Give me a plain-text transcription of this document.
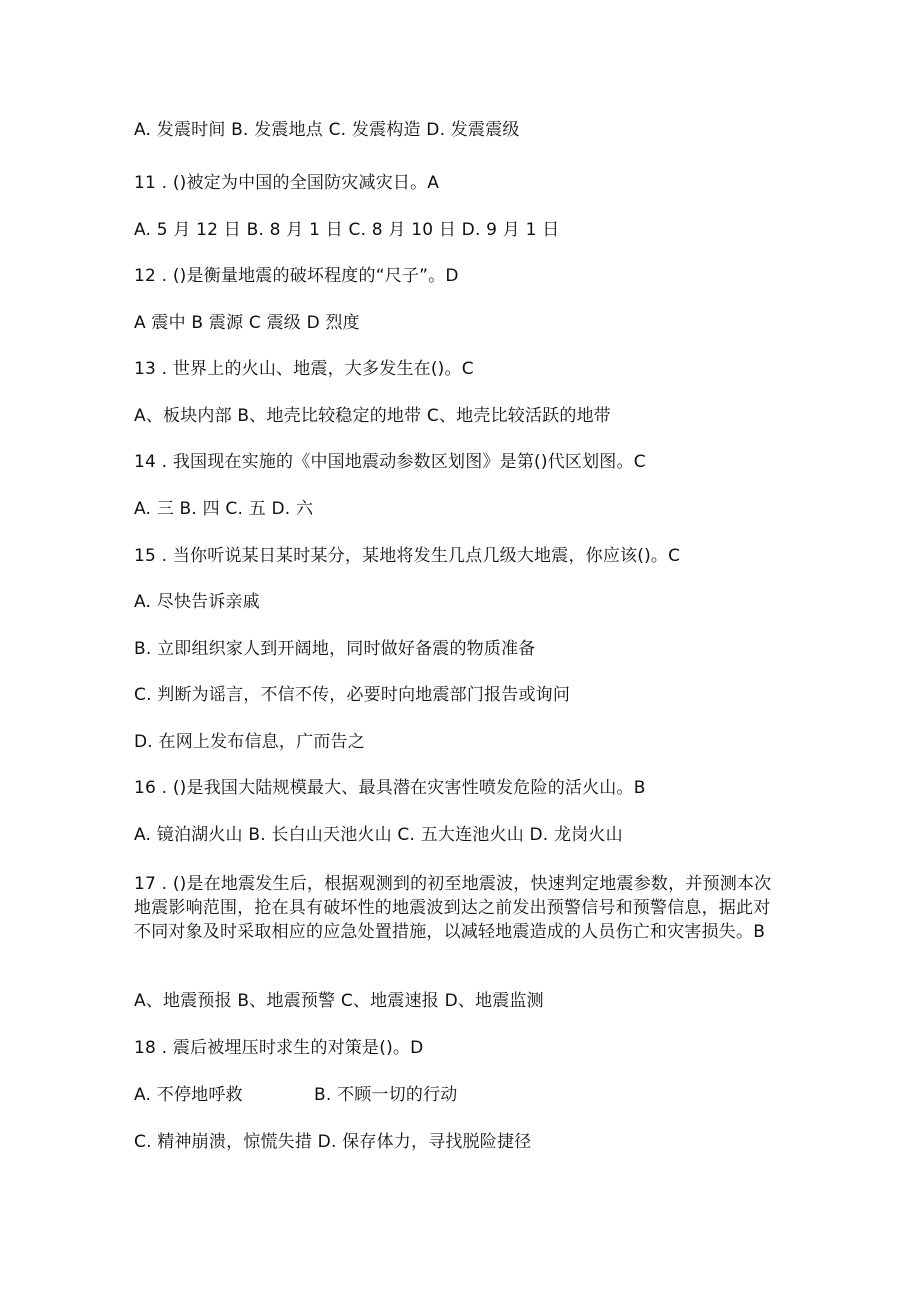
A. 发震时间 B. 发震地点 C. 发震构造 D. 发震震级
11 . ()被定为中国的全国防灾减灾日。A
A. 5 月 12 日 B. 8 月 1 日 C. 8 月 10 日 D. 9 月 1 日
12 . ()是衡量地震的破坏程度的“尺子”。D
A 震中 B 震源 C 震级 D 烈度
13 . 世界上的火山、地震，大多发生在()。C
A、板块内部 B、地壳比较稳定的地带 C、地壳比较活跃的地带
14 . 我国现在实施的《中国地震动参数区划图》是第()代区划图。C
A. 三 B. 四 C. 五 D. 六
15 . 当你听说某日某时某分，某地将发生几点几级大地震，你应该()。C
A. 尽快告诉亲戚
B. 立即组织家人到开阔地，同时做好备震的物质准备
C. 判断为谣言，不信不传，必要时向地震部门报告或询问
D. 在网上发布信息，广而告之
16 . ()是我国大陆规模最大、最具潜在灾害性喷发危险的活火山。B
A. 镜泊湖火山 B. 长白山天池火山 C. 五大连池火山 D. 龙岗火山
17 . ()是在地震发生后，根据观测到的初至地震波，快速判定地震参数，并预测本次地震影响范围，抢在具有破坏性的地震波到达之前发出预警信号和预警信息，据此对不同对象及时采取相应的应急处置措施，以减轻地震造成的人员伤亡和灾害损失。B
A、地震预报 B、地震预警 C、地震速报 D、地震监测
18 . 震后被埋压时求生的对策是()。D
A. 不停地呼救	B. 不顾一切的行动
C. 精神崩溃，惊慌失措 D. 保存体力，寻找脱险捷径
